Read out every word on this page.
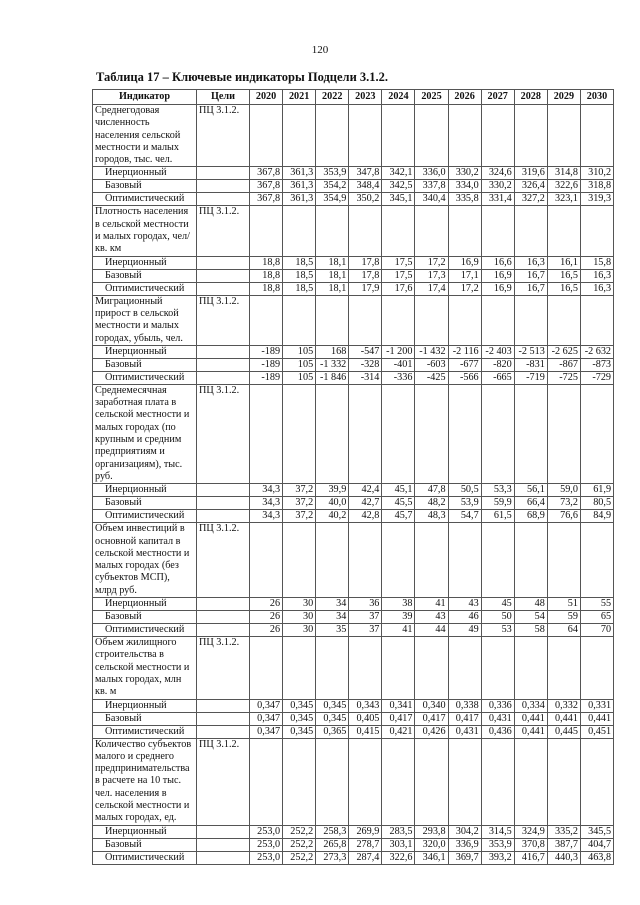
120
Таблица 17 – Ключевые индикаторы Подцели 3.1.2.
Индикатор	Цели	2020	2021	2022	2023	2024	2025	2026	2027	2028	2029	2030
Среднегодовая численность населения сельской местности и малых городов, тыс. чел.	ПЦ 3.1.2.											
Инерционный		367,8	361,3	353,9	347,8	342,1	336,0	330,2	324,6	319,6	314,8	310,2
Базовый		367,8	361,3	354,2	348,4	342,5	337,8	334,0	330,2	326,4	322,6	318,8
Оптимистический		367,8	361,3	354,9	350,2	345,1	340,4	335,8	331,4	327,2	323,1	319,3
Плотность населения в сельской местности и малых городах, чел/кв. км	ПЦ 3.1.2.											
Инерционный		18,8	18,5	18,1	17,8	17,5	17,2	16,9	16,6	16,3	16,1	15,8
Базовый		18,8	18,5	18,1	17,8	17,5	17,3	17,1	16,9	16,7	16,5	16,3
Оптимистический		18,8	18,5	18,1	17,9	17,6	17,4	17,2	16,9	16,7	16,5	16,3
Миграционный прирост в сельской местности и малых городах, убыль, чел.	ПЦ 3.1.2.											
Инерционный		-189	105	168	-547	-1 200	-1 432	-2 116	-2 403	-2 513	-2 625	-2 632
Базовый		-189	105	-1 332	-328	-401	-603	-677	-820	-831	-867	-873
Оптимистический		-189	105	-1 846	-314	-336	-425	-566	-665	-719	-725	-729
Среднемесячная заработная плата в сельской местности и малых городах (по крупным и средним предприятиям и организациям), тыс. руб.	ПЦ 3.1.2.											
Инерционный		34,3	37,2	39,9	42,4	45,1	47,8	50,5	53,3	56,1	59,0	61,9
Базовый		34,3	37,2	40,0	42,7	45,5	48,2	53,9	59,9	66,4	73,2	80,5
Оптимистический		34,3	37,2	40,2	42,8	45,7	48,3	54,7	61,5	68,9	76,6	84,9
Объем инвестиций в основной капитал в сельской местности и малых городах (без субъектов МСП), млрд руб.	ПЦ 3.1.2.											
Инерционный		26	30	34	36	38	41	43	45	48	51	55
Базовый		26	30	34	37	39	43	46	50	54	59	65
Оптимистический		26	30	35	37	41	44	49	53	58	64	70
Объем жилищного строительства в сельской местности и малых городах, млн кв. м	ПЦ 3.1.2.											
Инерционный		0,347	0,345	0,345	0,343	0,341	0,340	0,338	0,336	0,334	0,332	0,331
Базовый		0,347	0,345	0,345	0,405	0,417	0,417	0,417	0,431	0,441	0,441	0,441
Оптимистический		0,347	0,345	0,365	0,415	0,421	0,426	0,431	0,436	0,441	0,445	0,451
Количество субъектов малого и среднего предпринимательства в расчете на 10 тыс. чел. населения в сельской местности и малых городах, ед.	ПЦ 3.1.2.											
Инерционный		253,0	252,2	258,3	269,9	283,5	293,8	304,2	314,5	324,9	335,2	345,5
Базовый		253,0	252,2	265,8	278,7	303,1	320,0	336,9	353,9	370,8	387,7	404,7
Оптимистический		253,0	252,2	273,3	287,4	322,6	346,1	369,7	393,2	416,7	440,3	463,8
